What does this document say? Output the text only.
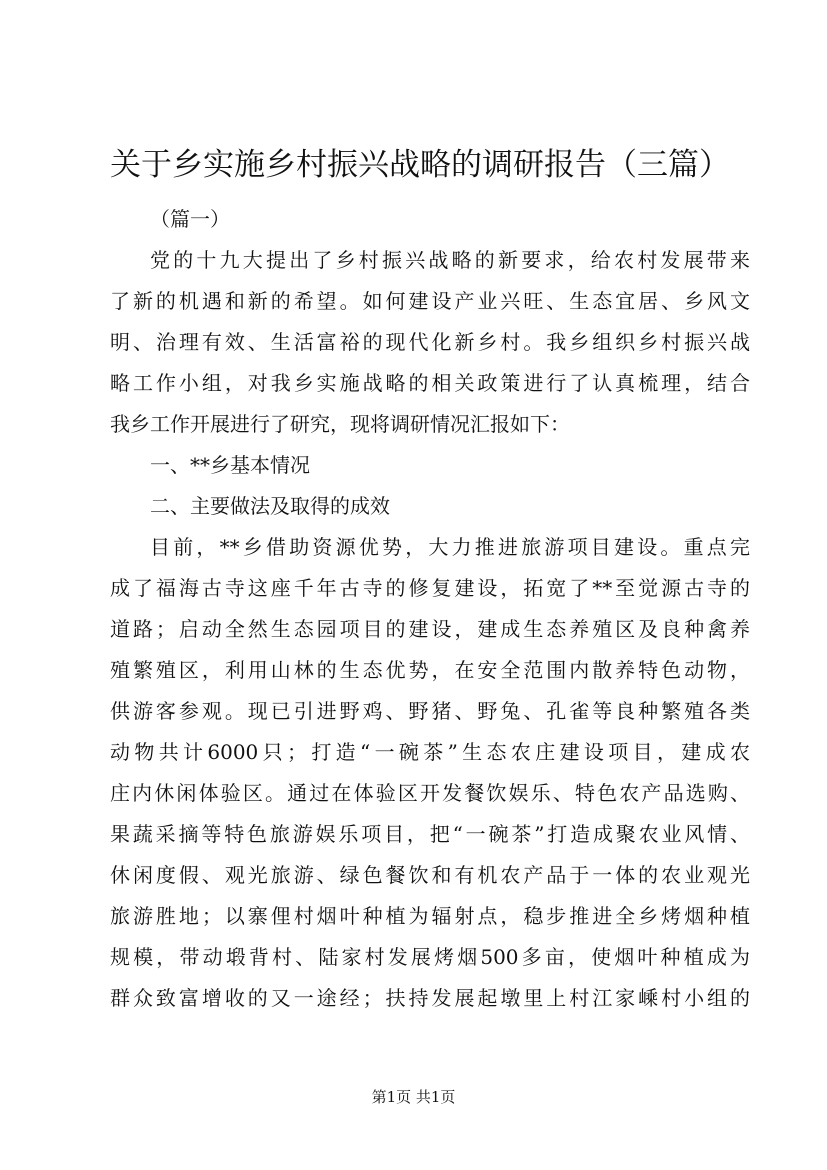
关于乡实施乡村振兴战略的调研报告（三篇）
（篇一）
党的十九大提出了乡村振兴战略的新要求，给农村发展带来
了新的机遇和新的希望。如何建设产业兴旺、生态宜居、乡风文
明、治理有效、生活富裕的现代化新乡村。我乡组织乡村振兴战
略工作小组，对我乡实施战略的相关政策进行了认真梳理，结合
我乡工作开展进行了研究，现将调研情况汇报如下：
一、**乡基本情况
二、主要做法及取得的成效
目前，**乡借助资源优势，大力推进旅游项目建设。重点完
成了福海古寺这座千年古寺的修复建设，拓宽了**至觉源古寺的
道路；启动全然生态园项目的建设，建成生态养殖区及良种禽养
殖繁殖区，利用山林的生态优势，在安全范围内散养特色动物，
供游客参观。现已引进野鸡、野猪、野兔、孔雀等良种繁殖各类
动物共计6000只；打造“一碗茶”生态农庄建设项目，建成农
庄内休闲体验区。通过在体验区开发餐饮娱乐、特色农产品选购、
果蔬采摘等特色旅游娱乐项目，把“一碗茶”打造成聚农业风情、
休闲度假、观光旅游、绿色餐饮和有机农产品于一体的农业观光
旅游胜地；以寨俚村烟叶种植为辐射点，稳步推进全乡烤烟种植
规模，带动塅背村、陆家村发展烤烟500多亩，使烟叶种植成为
群众致富增收的又一途经；扶持发展起墩里上村江家嵊村小组的
第1页 共1页
